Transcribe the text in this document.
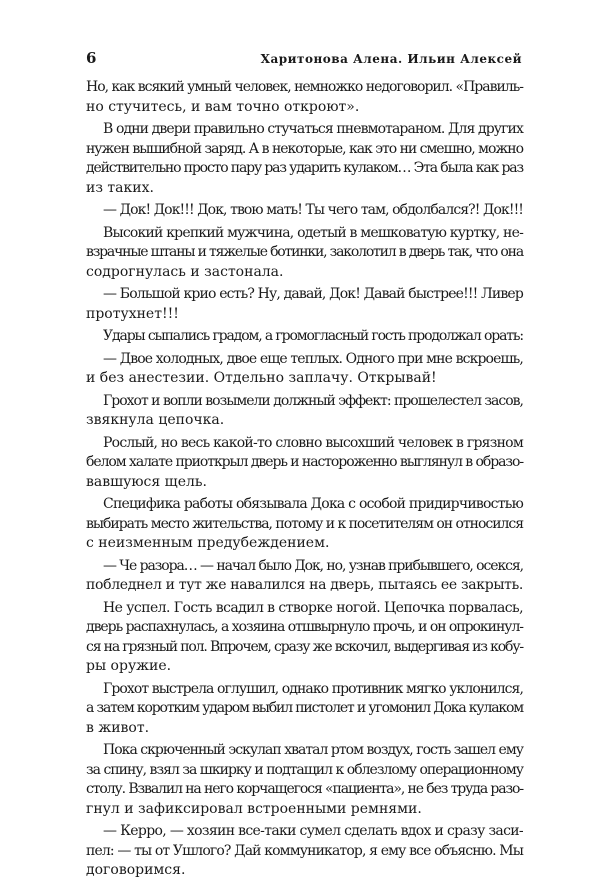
6	Харитонова Алена. Ильин Алексей

Но, как всякий умный человек, немножко недоговорил. «Правиль-
но стучитесь, и вам точно откроют».

В одни двери правильно стучаться пневмотараном. Для других
нужен вышибной заряд. А в некоторые, как это ни смешно, можно
действительно просто пару раз ударить кулаком… Эта была как раз
из таких.

— Док! Док!!! Док, твою мать! Ты чего там, обдолбался?! Док!!!

Высокий крепкий мужчина, одетый в мешковатую куртку, не-
взрачные штаны и тяжелые ботинки, заколотил в дверь так, что она
содрогнулась и застонала.

— Большой крио есть? Ну, давай, Док! Давай быстрее!!! Ливер
протухнет!!!

Удары сыпались градом, а громогласный гость продолжал орать:

— Двое холодных, двое еще теплых. Одного при мне вскроешь,
и без анестезии. Отдельно заплачу. Открывай!

Грохот и вопли возымели должный эффект: прошелестел засов,
звякнула цепочка.

Рослый, но весь какой-то словно высохший человек в грязном
белом халате приоткрыл дверь и настороженно выглянул в образо-
вавшуюся щель.

Специфика работы обязывала Дока с особой придирчивостью
выбирать место жительства, потому и к посетителям он относился
с неизменным предубеждением.

— Че разора… — начал было Док, но, узнав прибывшего, осекся,
побледнел и тут же навалился на дверь, пытаясь ее закрыть.

Не успел. Гость всадил в створке ногой. Цепочка порвалась,
дверь распахнулась, а хозяина отшвырнуло прочь, и он опрокинул-
ся на грязный пол. Впрочем, сразу же вскочил, выдергивая из кобу-
ры оружие.

Грохот выстрела оглушил, однако противник мягко уклонился,
а затем коротким ударом выбил пистолет и угомонил Дока кулаком
в живот.

Пока скрюченный эскулап хватал ртом воздух, гость зашел ему
за спину, взял за шкирку и подтащил к облезлому операционному
столу. Взвалил на него корчащегося «пациента», не без труда разо-
гнул и зафиксировал встроенными ремнями.

— Керро, — хозяин все-таки сумел сделать вдох и сразу заси-
пел: — ты от Ушлого? Дай коммуникатор, я ему все объясню. Мы
договоримся.
